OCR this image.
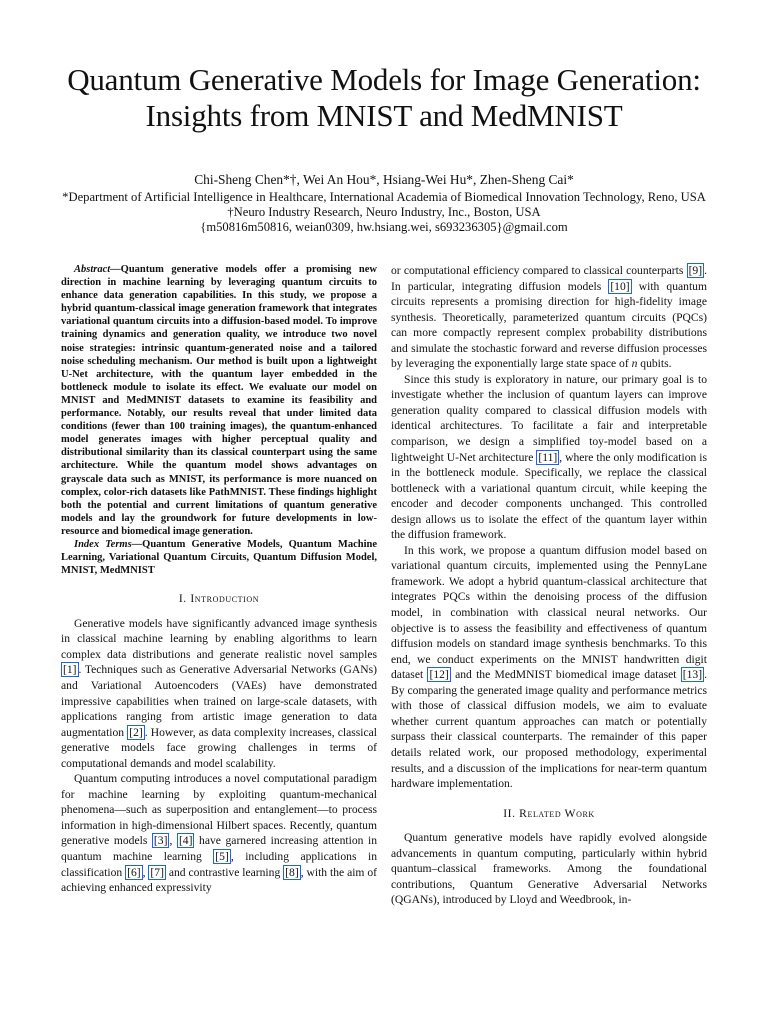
Quantum Generative Models for Image Generation:
Insights from MNIST and MedMNIST
Chi-Sheng Chen*†, Wei An Hou*, Hsiang-Wei Hu*, Zhen-Sheng Cai*
*Department of Artificial Intelligence in Healthcare, International Academia of Biomedical Innovation Technology, Reno, USA
†Neuro Industry Research, Neuro Industry, Inc., Boston, USA
{m50816m50816, weian0309, hw.hsiang.wei, s693236305}@gmail.com

Abstract—Quantum generative models offer a promising new direction in machine learning by leveraging quantum circuits to enhance data generation capabilities. In this study, we propose a hybrid quantum-classical image generation framework that integrates variational quantum circuits into a diffusion-based model. To improve training dynamics and generation quality, we introduce two novel noise strategies: intrinsic quantum-generated noise and a tailored noise scheduling mechanism. Our method is built upon a lightweight U-Net architecture, with the quantum layer embedded in the bottleneck module to isolate its effect. We evaluate our model on MNIST and MedMNIST datasets to examine its feasibility and performance. Notably, our results reveal that under limited data conditions (fewer than 100 training images), the quantum-enhanced model generates images with higher perceptual quality and distributional similarity than its classical counterpart using the same architecture. While the quantum model shows advantages on grayscale data such as MNIST, its performance is more nuanced on complex, color-rich datasets like PathMNIST. These findings highlight both the potential and current limitations of quantum generative models and lay the groundwork for future developments in low-resource and biomedical image generation.

Index Terms—Quantum Generative Models, Quantum Machine Learning, Variational Quantum Circuits, Quantum Diffusion Model, MNIST, MedMNIST

I. Introduction

Generative models have significantly advanced image synthesis in classical machine learning by enabling algorithms to learn complex data distributions and generate realistic novel samples [1] . Techniques such as Generative Adversarial Networks (GANs) and Variational Autoencoders (VAEs) have demonstrated impressive capabilities when trained on large-scale datasets, with applications ranging from artistic image generation to data augmentation [2] . However, as data complexity increases, classical generative models face growing challenges in terms of computational demands and model scalability.

Quantum computing introduces a novel computational paradigm for machine learning by exploiting quantum-mechanical phenomena—such as superposition and entanglement—to process information in high-dimensional Hilbert spaces. Recently, quantum generative models [3] , [4] have garnered increasing attention in quantum machine learning [5] , including applications in classification [6] , [7] and contrastive learning [8] , with the aim of achieving enhanced expressivity

or computational efficiency compared to classical counterparts [9] . In particular, integrating diffusion models [10] with quantum circuits represents a promising direction for high-fidelity image synthesis. Theoretically, parameterized quantum circuits (PQCs) can more compactly represent complex probability distributions and simulate the stochastic forward and reverse diffusion processes by leveraging the exponentially large state space of n qubits.

Since this study is exploratory in nature, our primary goal is to investigate whether the inclusion of quantum layers can improve generation quality compared to classical diffusion models with identical architectures. To facilitate a fair and interpretable comparison, we design a simplified toy-model based on a lightweight U-Net architecture [11] , where the only modification is in the bottleneck module. Specifically, we replace the classical bottleneck with a variational quantum circuit, while keeping the encoder and decoder components unchanged. This controlled design allows us to isolate the effect of the quantum layer within the diffusion framework.

In this work, we propose a quantum diffusion model based on variational quantum circuits, implemented using the PennyLane framework. We adopt a hybrid quantum-classical architecture that integrates PQCs within the denoising process of the diffusion model, in combination with classical neural networks. Our objective is to assess the feasibility and effectiveness of quantum diffusion models on standard image synthesis benchmarks. To this end, we conduct experiments on the MNIST handwritten digit dataset [12] and the MedMNIST biomedical image dataset [13] . By comparing the generated image quality and performance metrics with those of classical diffusion models, we aim to evaluate whether current quantum approaches can match or potentially surpass their classical counterparts. The remainder of this paper details related work, our proposed methodology, experimental results, and a discussion of the implications for near-term quantum hardware implementation.

II. Related Work

Quantum generative models have rapidly evolved alongside advancements in quantum computing, particularly within hybrid quantum–classical frameworks. Among the foundational contributions, Quantum Generative Adversarial Networks (QGANs), introduced by Lloyd and Weedbrook, in-
